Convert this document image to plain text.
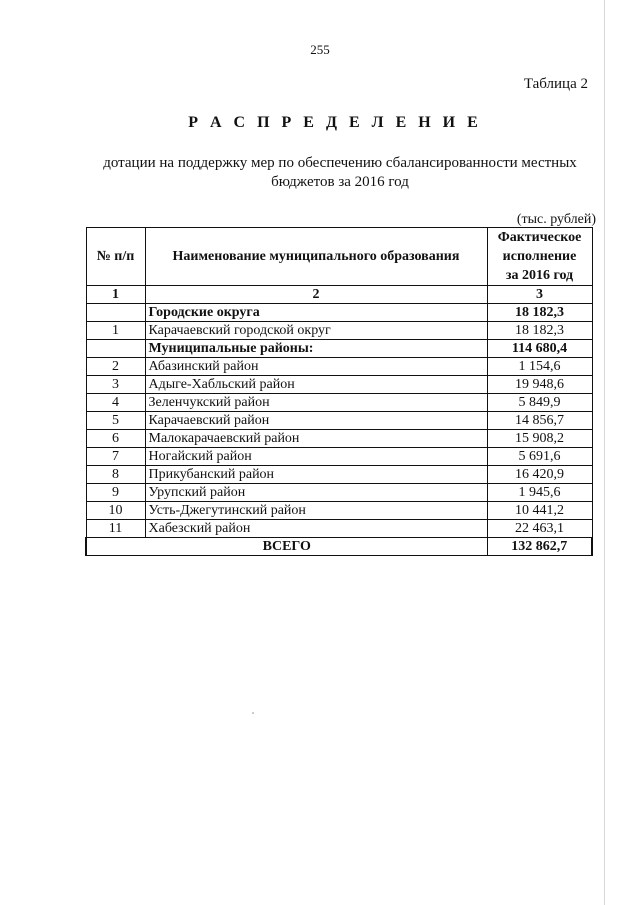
255
Таблица 2
Р А С П Р Е Д Е Л Е Н И Е
дотации на поддержку мер по обеспечению сбалансированности местных
бюджетов за 2016 год
(тыс. рублей)
№ п/п	Наименование муниципального образования	Фактическое
исполнение
за 2016 год

1	2	3
	Городские округа	18 182,3
1	Карачаевский городской округ	18 182,3
	Муниципальные районы:	114 680,4
2	Абазинский район	1 154,6
3	Адыге-Хабльский район	19 948,6
4	Зеленчукский район	5 849,9
5	Карачаевский район	14 856,7
6	Малокарачаевский район	15 908,2
7	Ногайский район	5 691,6
8	Прикубанский район	16 420,9
9	Урупский район	1 945,6
10	Усть-Джегутинский район	10 441,2
11	Хабезский район	22 463,1
ВСЕГО		132 862,7
